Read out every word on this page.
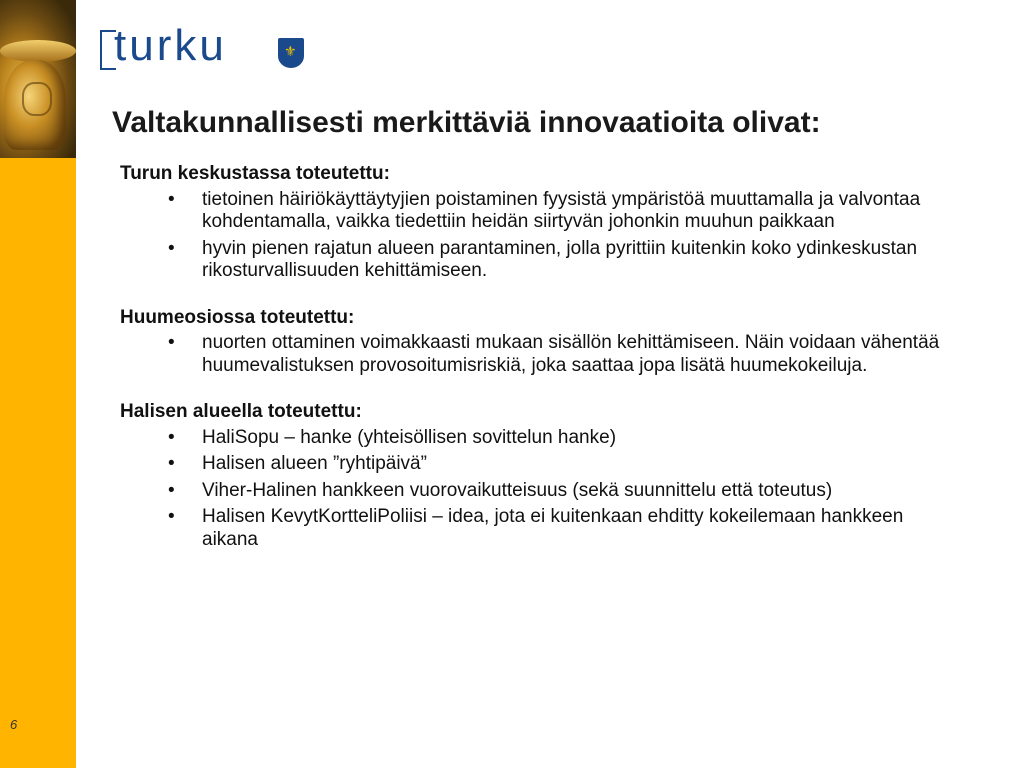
6
turku	⚜
Valtakunnallisesti merkittäviä innovaatioita olivat:
Turun keskustassa toteutettu:
• tietoinen häiriökäyttäytyjien poistaminen fyysistä ympäristöä muuttamalla ja valvontaa kohdentamalla, vaikka tiedettiin heidän siirtyvän johonkin muuhun paikkaan
• hyvin pienen rajatun alueen parantaminen, jolla pyrittiin kuitenkin koko ydinkeskustan rikosturvallisuuden kehittämiseen.
Huumeosiossa toteutettu:
• nuorten ottaminen voimakkaasti mukaan sisällön kehittämiseen. Näin voidaan vähentää huumevalistuksen provosoitumisriskiä, joka saattaa jopa lisätä huumekokeiluja.
Halisen alueella toteutettu:
• HaliSopu – hanke (yhteisöllisen sovittelun hanke)
• Halisen alueen ”ryhtipäivä”
• Viher-Halinen hankkeen vuorovaikutteisuus (sekä suunnittelu että toteutus)
• Halisen KevytKortteliPoliisi – idea, jota ei kuitenkaan ehditty kokeilemaan hankkeen aikana
